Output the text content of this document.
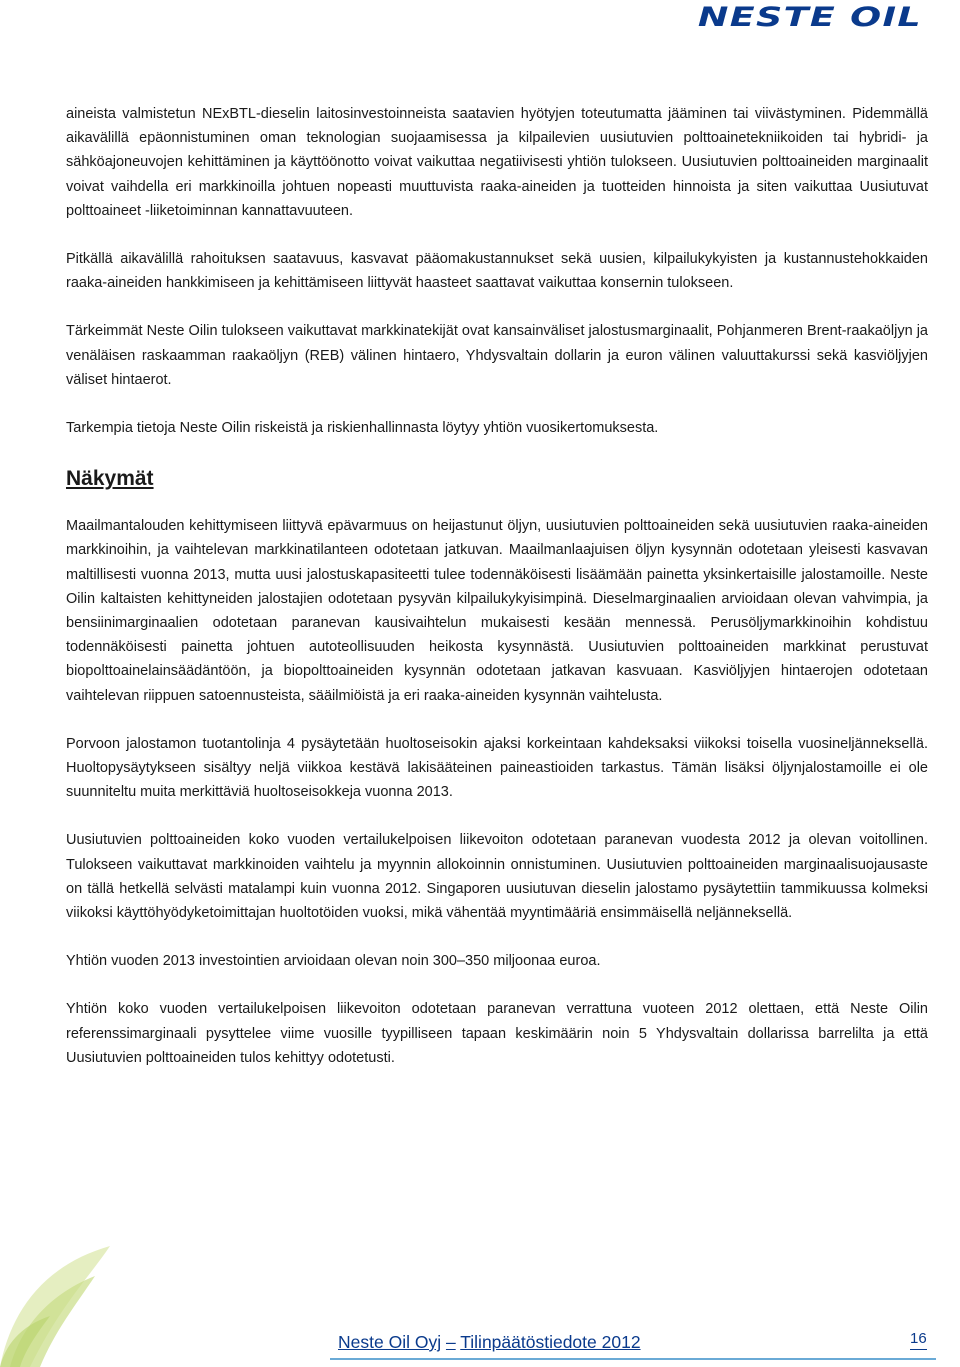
NESTE OIL

aineista valmistetun NExBTL-dieselin laitosinvestoinneista saatavien hyötyjen toteutumatta jääminen tai viivästyminen. Pidemmällä aikavälillä epäonnistuminen oman teknologian suojaamisessa ja kilpailevien uusiutuvien polttoainetekniikoiden tai hybridi- ja sähköajoneuvojen kehittäminen ja käyttöönotto voivat vaikuttaa negatiivisesti yhtiön tulokseen. Uusiutuvien polttoaineiden marginaalit voivat vaihdella eri markkinoilla johtuen nopeasti muuttuvista raaka-aineiden ja tuotteiden hinnoista ja siten vaikuttaa Uusiutuvat polttoaineet -liiketoiminnan kannattavuuteen.

Pitkällä aikavälillä rahoituksen saatavuus, kasvavat pääomakustannukset sekä uusien, kilpailukykyisten ja kustannustehokkaiden raaka-aineiden hankkimiseen ja kehittämiseen liittyvät haasteet saattavat vaikuttaa konsernin tulokseen.

Tärkeimmät Neste Oilin tulokseen vaikuttavat markkinatekijät ovat kansainväliset jalostusmarginaalit, Pohjanmeren Brent-raakaöljyn ja venäläisen raskaamman raakaöljyn (REB) välinen hintaero, Yhdysvaltain dollarin ja euron välinen valuuttakurssi sekä kasviöljyjen väliset hintaerot.

Tarkempia tietoja Neste Oilin riskeistä ja riskienhallinnasta löytyy yhtiön vuosikertomuksesta.

Näkymät

Maailmantalouden kehittymiseen liittyvä epävarmuus on heijastunut öljyn, uusiutuvien polttoaineiden sekä uusiutuvien raaka-aineiden markkinoihin, ja vaihtelevan markkinatilanteen odotetaan jatkuvan. Maailmanlaajuisen öljyn kysynnän odotetaan yleisesti kasvavan maltillisesti vuonna 2013, mutta uusi jalostuskapasiteetti tulee todennäköisesti lisäämään painetta yksinkertaisille jalostamoille. Neste Oilin kaltaisten kehittyneiden jalostajien odotetaan pysyvän kilpailukykyisimpinä. Dieselmarginaalien arvioidaan olevan vahvimpia, ja bensiinimarginaalien odotetaan paranevan kausivaihtelun mukaisesti kesään mennessä. Perusöljymarkkinoihin kohdistuu todennäköisesti painetta johtuen autoteollisuuden heikosta kysynnästä. Uusiutuvien polttoaineiden markkinat perustuvat biopolttoainelainsäädäntöön, ja biopolttoaineiden kysynnän odotetaan jatkavan kasvuaan. Kasviöljyjen hintaerojen odotetaan vaihtelevan riippuen satoennusteista, sääilmiöistä ja eri raaka-aineiden kysynnän vaihtelusta.

Porvoon jalostamon tuotantolinja 4 pysäytetään huoltoseisokin ajaksi korkeintaan kahdeksaksi viikoksi toisella vuosineljänneksellä. Huoltopysäytykseen sisältyy neljä viikkoa kestävä lakisääteinen paineastioiden tarkastus. Tämän lisäksi öljynjalostamoille ei ole suunniteltu muita merkittäviä huoltoseisokkeja vuonna 2013.

Uusiutuvien polttoaineiden koko vuoden vertailukelpoisen liikevoiton odotetaan paranevan vuodesta 2012 ja olevan voitollinen. Tulokseen vaikuttavat markkinoiden vaihtelu ja myynnin allokoinnin onnistuminen. Uusiutuvien polttoaineiden marginaalisuojausaste on tällä hetkellä selvästi matalampi kuin vuonna 2012. Singaporen uusiutuvan dieselin jalostamo pysäytettiin tammikuussa kolmeksi viikoksi käyttöhyödyketoimittajan huoltotöiden vuoksi, mikä vähentää myyntimääriä ensimmäisellä neljänneksellä.

Yhtiön vuoden 2013 investointien arvioidaan olevan noin 300–350 miljoonaa euroa.

Yhtiön koko vuoden vertailukelpoisen liikevoiton odotetaan paranevan verrattuna vuoteen 2012 olettaen, että Neste Oilin referenssimarginaali pysyttelee viime vuosille tyypilliseen tapaan keskimäärin noin 5 Yhdysvaltain dollarissa barrelilta ja että Uusiutuvien polttoaineiden tulos kehittyy odotetusti.

Neste Oil Oyj – Tilinpäätöstiedote 2012	16
